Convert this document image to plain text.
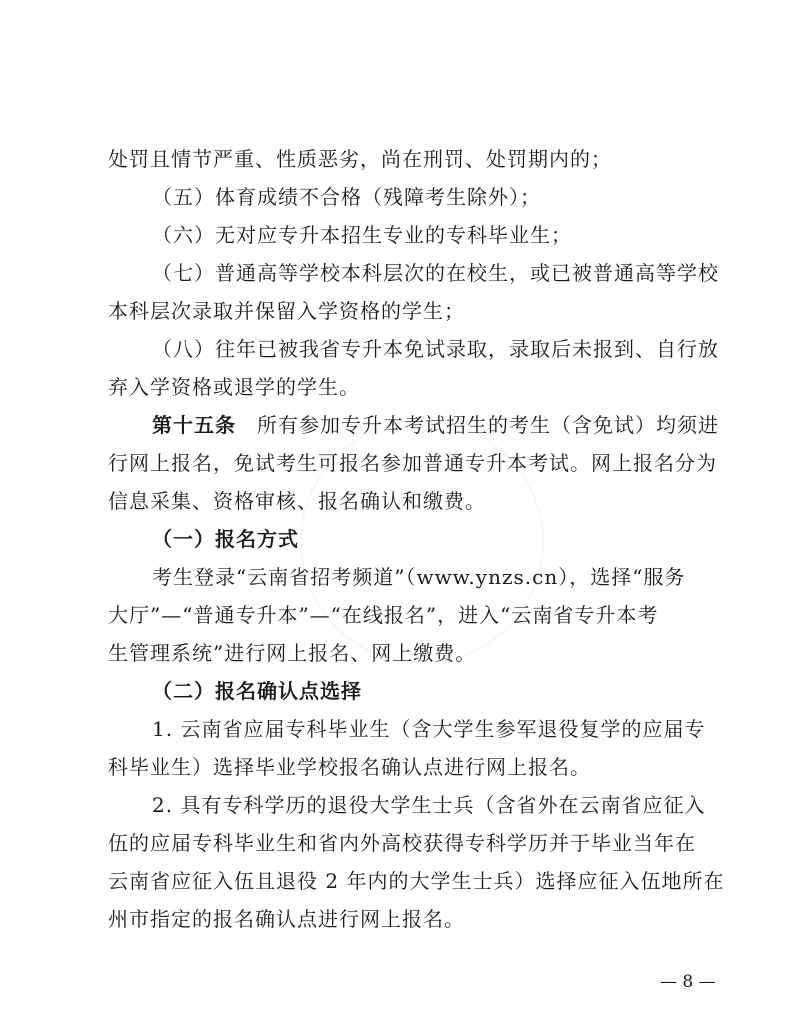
处罚且情节严重、性质恶劣，尚在刑罚、处罚期内的；
（五）体育成绩不合格（残障考生除外）；
（六）无对应专升本招生专业的专科毕业生；
（七）普通高等学校本科层次的在校生，或已被普通高等学校
本科层次录取并保留入学资格的学生；
（八）往年已被我省专升本免试录取，录取后未报到、自行放
弃入学资格或退学的学生。
第十五条  所有参加专升本考试招生的考生（含免试）均须进
行网上报名，免试考生可报名参加普通专升本考试。网上报名分为
信息采集、资格审核、报名确认和缴费。
（一）报名方式
考生登录“云南省招考频道”（www.ynzs.cn），选择“服务
大厅”—“普通专升本”—“在线报名”，进入“云南省专升本考
生管理系统”进行网上报名、网上缴费。
（二）报名确认点选择
1. 云南省应届专科毕业生（含大学生参军退役复学的应届专
科毕业生）选择毕业学校报名确认点进行网上报名。
2. 具有专科学历的退役大学生士兵（含省外在云南省应征入
伍的应届专科毕业生和省内外高校获得专科学历并于毕业当年在
云南省应征入伍且退役 2 年内的大学生士兵）选择应征入伍地所在
州市指定的报名确认点进行网上报名。
— 8 —
